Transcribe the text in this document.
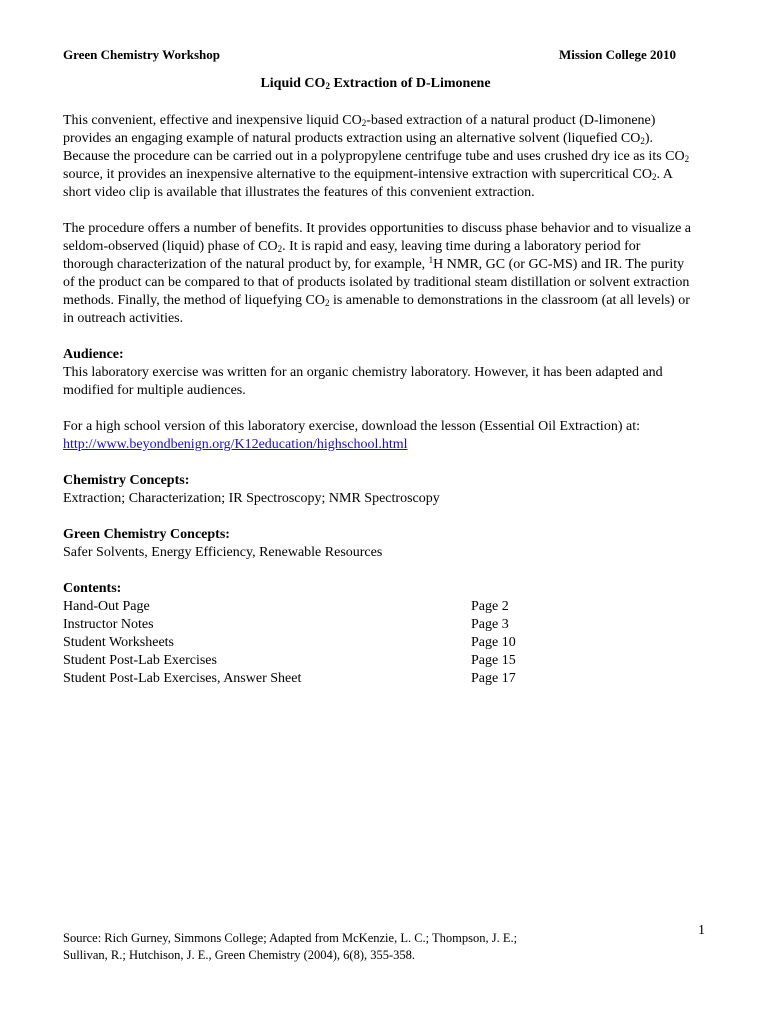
Green Chemistry Workshop	Mission College 2010
Liquid $CO_2$ Extraction of D-Limonene

This convenient, effective and inexpensive liquid $CO_2$-based extraction of a natural product (D-limonene) provides an engaging example of natural products extraction using an alternative solvent (liquefied $CO_2$). Because the procedure can be carried out in a polypropylene centrifuge tube and uses crushed dry ice as its $CO_2$ source, it provides an inexpensive alternative to the equipment-intensive extraction with supercritical $CO_2$. A short video clip is available that illustrates the features of this convenient extraction.

The procedure offers a number of benefits. It provides opportunities to discuss phase behavior and to visualize a seldom-observed (liquid) phase of $CO_2$. It is rapid and easy, leaving time during a laboratory period for thorough characterization of the natural product by, for example, $^1$H NMR, GC (or GC-MS) and IR. The purity of the product can be compared to that of products isolated by traditional steam distillation or solvent extraction methods. Finally, the method of liquefying $CO_2$ is amenable to demonstrations in the classroom (at all levels) or in outreach activities.

Audience:

This laboratory exercise was written for an organic chemistry laboratory. However, it has been adapted and modified for multiple audiences.

For a high school version of this laboratory exercise, download the lesson (Essential Oil Extraction) at:

http://www.beyondbenign.org/K12education/highschool.html

Chemistry Concepts:

Extraction; Characterization; IR Spectroscopy; NMR Spectroscopy

Green Chemistry Concepts:

Safer Solvents, Energy Efficiency, Renewable Resources

Contents:

Hand-Out Page	Page 2
Instructor Notes	Page 3
Student Worksheets	Page 10
Student Post-Lab Exercises	Page 15
Student Post-Lab Exercises, Answer Sheet	Page 17
1
Source: Rich Gurney, Simmons College; Adapted from McKenzie, L. C.; Thompson, J. E.;
Sullivan, R.; Hutchison, J. E., Green Chemistry (2004), 6(8), 355-358.
